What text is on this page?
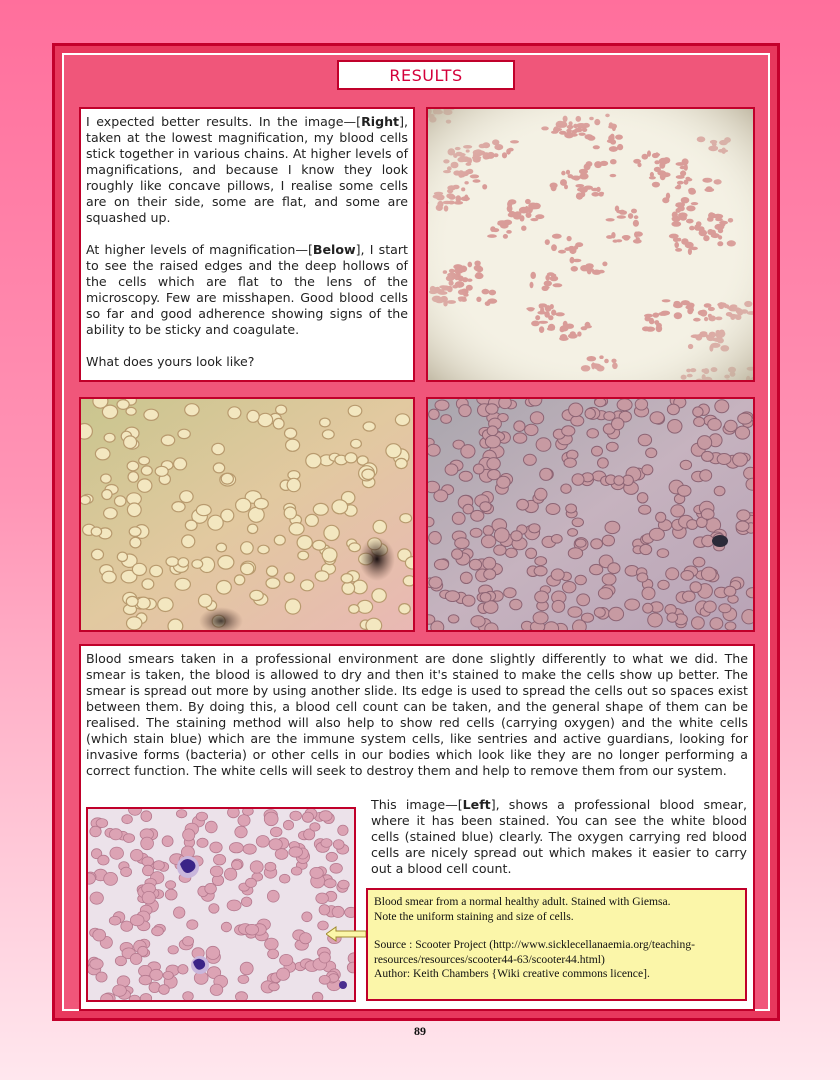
RESULTS

I expected better results. In the image—[Right], taken at the lowest magnification, my blood cells stick together in various chains. At higher levels of magnifications, and because I know they look roughly like concave pillows, I realise some cells are on their side, some are flat, and some are squashed up.

At higher levels of magnification—[Below], I start to see the raised edges and the deep hollows of the cells which are flat to the lens of the microscopy. Few are misshapen. Good blood cells so far and good adherence showing signs of the ability to be sticky and coagulate.

What does yours look like?

Blood smears taken in a professional environment are done slightly differently to what we did. The smear is taken, the blood is allowed to dry and then it's stained to make the cells show up better. The smear is spread out more by using another slide. Its edge is used to spread the cells out so spaces exist between them. By doing this, a blood cell count can be taken, and the general shape of them can be realised. The staining method will also help to show red cells (carrying oxygen) and the white cells (which stain blue) which are the immune system cells, like sentries and active guardians, looking for invasive forms (bacteria) or other cells in our bodies which look like they are no longer performing a correct function. The white cells will seek to destroy them and help to remove them from our system.

This image—[Left], shows a professional blood smear, where it has been stained. You can see the white blood cells (stained blue) clearly. The oxygen carrying red blood cells are nicely spread out which makes it easier to carry out a blood cell count.

Blood smear from a normal healthy adult. Stained with Giemsa.

Note the uniform staining and size of cells.

Source : Scooter Project (http://www.sicklecellanaemia.org/teaching-resources/resources/scooter44-63/scooter44.html)

Author: Keith Chambers {Wiki creative commons licence].

89
